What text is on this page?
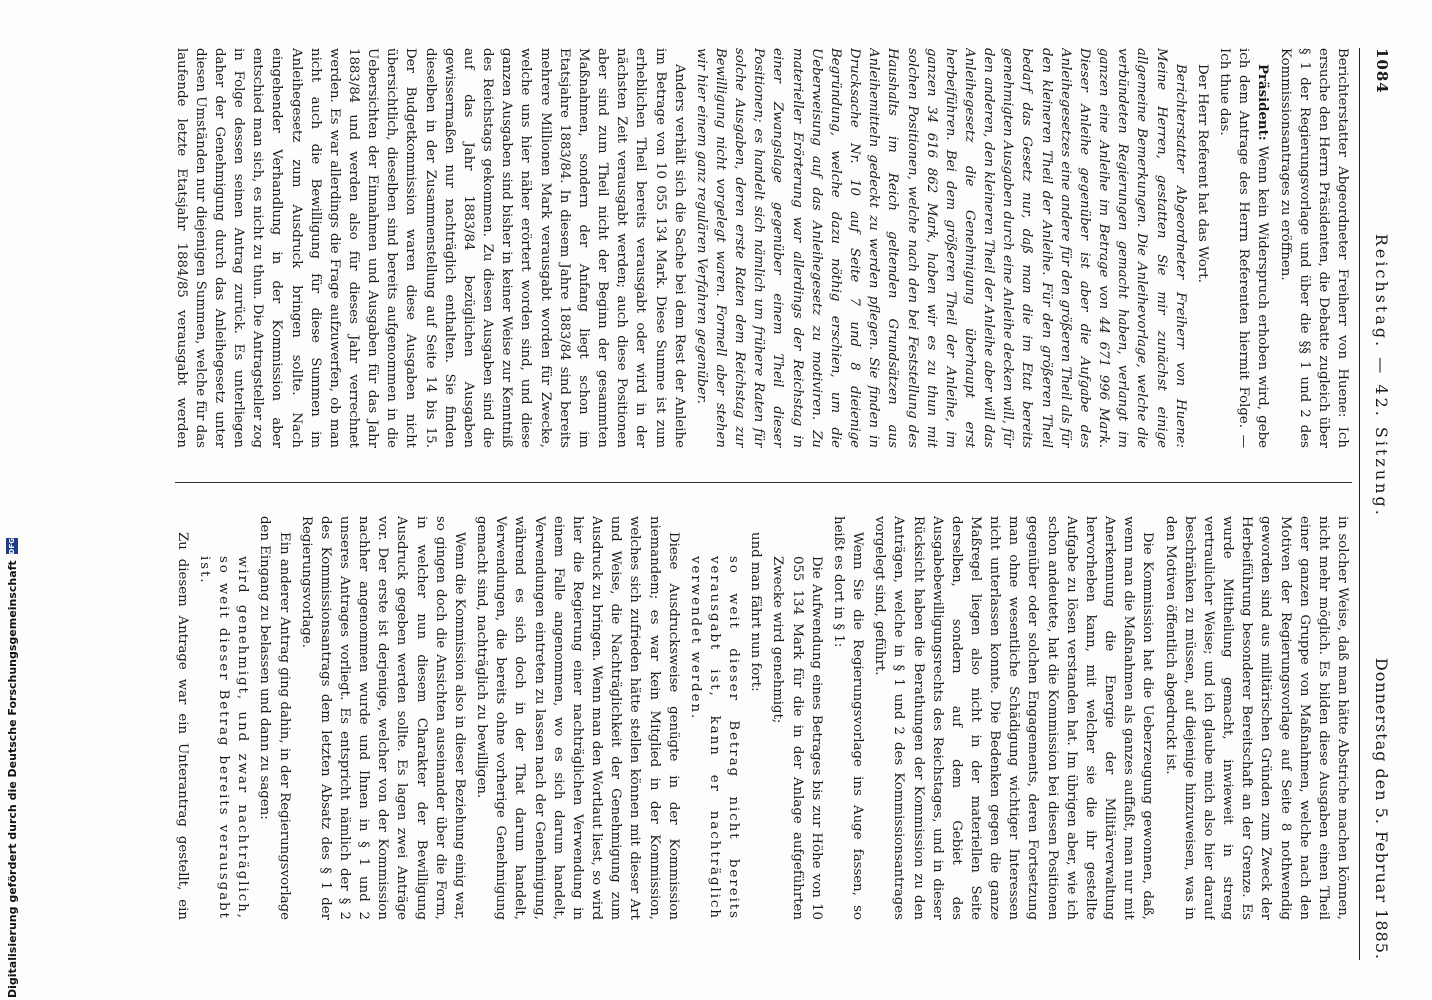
1084
Reichstag. — 42. Sitzung.
Donnerstag den 5. Februar 1885.

Berichterstatter Abgeordneter Freiherr von Huene: Ich ersuche den Herrn Präsidenten, die Debatte zugleich über § 1 der Regierungsvorlage und über die §§ 1 und 2 des Kommissionsantrages zu eröffnen.

Präsident: Wenn kein Widerspruch erhoben wird, gebe ich dem Antrage des Herrn Referenten hiermit Folge. — Ich thue das.

Der Herr Referent hat das Wort.

Berichterstatter Abgeordneter Freiherr von Huene: Meine Herren, gestatten Sie mir zunächst einige allgemeine Bemerkungen. Die Anleihevorlage, welche die verbündeten Regierungen gemacht haben, verlangt im ganzen eine Anleihe im Betrage von 44 671 996 Mark. Dieser Anleihe gegenüber ist aber die Aufgabe des Anleihegesetzes eine andere für den größeren Theil als für den kleineren Theil der Anleihe. Für den größeren Theil bedarf das Gesetz nur, daß man die im Etat bereits genehmigten Ausgaben durch eine Anleihe decken will, für den anderen, den kleineren Theil der Anleihe aber will das Anleihegesetz die Genehmigung überhaupt erst herbeiführen. Bei dem größeren Theil der Anleihe, im ganzen 34 616 862 Mark, haben wir es zu thun mit solchen Positionen, welche nach den bei Feststellung des Haushalts im Reich geltenden Grundsätzen aus Anleihemitteln gedeckt zu werden pflegen. Sie finden in Drucksache Nr. 10 auf Seite 7 und 8 dieienige Begründung, welche dazu nöthig erschien, um die Ueberweisung auf das Anleihegesetz zu motiviren. Zu materieller Erörterung war allerdings der Reichstag in einer Zwangslage gegenüber einem Theil dieser Positionen; es handelt sich nämlich um frühere Raten für solche Ausgaben, deren erste Raten dem Reichstag zur Bewilligung nicht vorgelegt waren. Formell aber stehen wir hier einem ganz regulären Verfahren gegenüber.

Anders verhält sich die Sache bei dem Rest der Anleihe im Betrage von 10 055 134 Mark. Diese Summe ist zum erheblichen Theil bereits verausgabt oder wird in der nächsten Zeit verausgabt werden; auch diese Positionen aber sind zum Theil nicht der Beginn der gesammten Maßnahmen, sondern der Anfang liegt schon im Etatsjahre 1883/84. In diesem Jahre 1883/84 sind bereits mehrere Millionen Mark verausgabt worden für Zwecke, welche uns hier näher erörtert worden sind, und diese ganzen Ausgaben sind bisher in keiner Weise zur Kenntniß des Reichstags gekommen. Zu diesen Ausgaben sind die auf das Jahr 1883/84 bezüglichen Ausgaben gewissermaßen nur nachträglich enthalten. Sie finden dieselben in der Zusammenstellung auf Seite 14 bis 15. Der Budgetkommission waren diese Ausgaben nicht übersichtlich, dieselben sind bereits aufgenommen in die Uebersichten der Einnahmen und Ausgaben für das Jahr 1883/84 und werden also für dieses Jahr verrechnet werden. Es war allerdings die Frage aufzuwerfen, ob man nicht auch die Bewilligung für diese Summen im Anleihegesetz zum Ausdruck bringen sollte. Nach eingehender Verhandlung in der Kommission aber entschied man sich, es nicht zu thun. Die Antragsteller zog in Folge dessen seinen Antrag zurück. Es unterliegen daher der Genehmigung durch das Anleihegesetz unter diesen Umständen nur diejenigen Summen, welche für das laufende letzte Etatsjahr 1884/85 verausgabt werden

in solcher Weise, daß man hätte Abstriche machen können, nicht mehr möglich. Es bilden diese Ausgaben einen Theil einer ganzen Gruppe von Maßnahmen, welche nach den Motiven der Regierungsvorlage auf Seite 8 nothwendig geworden sind aus militärischen Gründen zum Zweck der Herbeiführung besonderer Bereitschaft an der Grenze. Es wurde Mittheilung gemacht, inwieweit in streng vertraulicher Weise; und ich glaube mich also hier darauf beschränken zu müssen, auf diejenige hinzuweisen, was in den Motiven öffentlich abgedruckt ist.

Die Kommission hat die Ueberzeugung gewonnen, daß, wenn man die Maßnahmen als ganzes auffaßt, man nur mit Anerkennung die Energie der Militärverwaltung hervorheben kann, mit welcher sie die ihr gestellte Aufgabe zu lösen verstanden hat. Im übrigen aber, wie ich schon andeutete, hat die Kommission bei diesen Positionen gegenüber oder solchen Engagements, deren Fortsetzung man ohne wesentliche Schädigung wichtiger Interessen nicht unterlassen konnte. Die Bedenken gegen die ganze Maßregel liegen also nicht in der materiellen Seite derselben, sondern auf dem Gebiet des Ausgabebewilligungsrechts des Reichstages, und in dieser Rücksicht haben die Berathungen der Kommission zu den Anträgen, welche in § 1 und 2 des Kommissionsantrages vorgelegt sind, geführt.

Wenn Sie die Regierungsvorlage ins Auge fassen, so heißt es dort in § 1:

Die Aufwendung eines Betrages bis zur Höhe von 10 055 134 Mark für die in der Anlage aufgeführten Zwecke wird genehmigt;

und man fährt nun fort:

so weit dieser Betrag nicht bereits verausgabt ist, kann er nachträglich verwendet werden.

Diese Ausdrucksweise genügte in der Kommission niemandem; es war kein Mitglied in der Kommission, welches sich zufrieden hätte stellen können mit dieser Art und Weise, die Nachträglichkeit der Genehmigung zum Ausdruck zu bringen. Wenn man den Wortlaut liest, so wird hier die Regierung einer nachträglichen Verwendung in einem Falle angenommen, wo es sich darum handelt, Verwendungen eintreten zu lassen nach der Genehmigung, während es sich doch in der That darum handelt, Verwendungen, die bereits ohne vorherige Genehmigung gemacht sind, nachträglich zu bewilligen.

Wenn die Kommission also in dieser Beziehung einig war, so gingen doch die Ansichten auseinander über die Form, in welcher nun diesem Charakter der Bewilligung Ausdruck gegeben werden sollte. Es lagen zwei Anträge vor. Der erste ist derjenige, welcher von der Kommission nachher angenommen wurde und Ihnen in § 1 und 2 unseres Antrages vorliegt. Es entspricht nämlich der § 2 des Kommissionsantrags dem letzten Absatz des § 1 der Regierungsvorlage.

Ein anderer Antrag ging dahin, in der Regierungsvorlage den Eingang zu belassen und dann zu sagen:

wird genehmigt, und zwar nachträglich, so weit dieser Betrag bereits verausgabt ist.

Zu diesem Antrage war ein Unterantrag gestellt, ein

Digitalisierung gefördert durch die Deutsche Forschungsgemeinschaft
DFG
